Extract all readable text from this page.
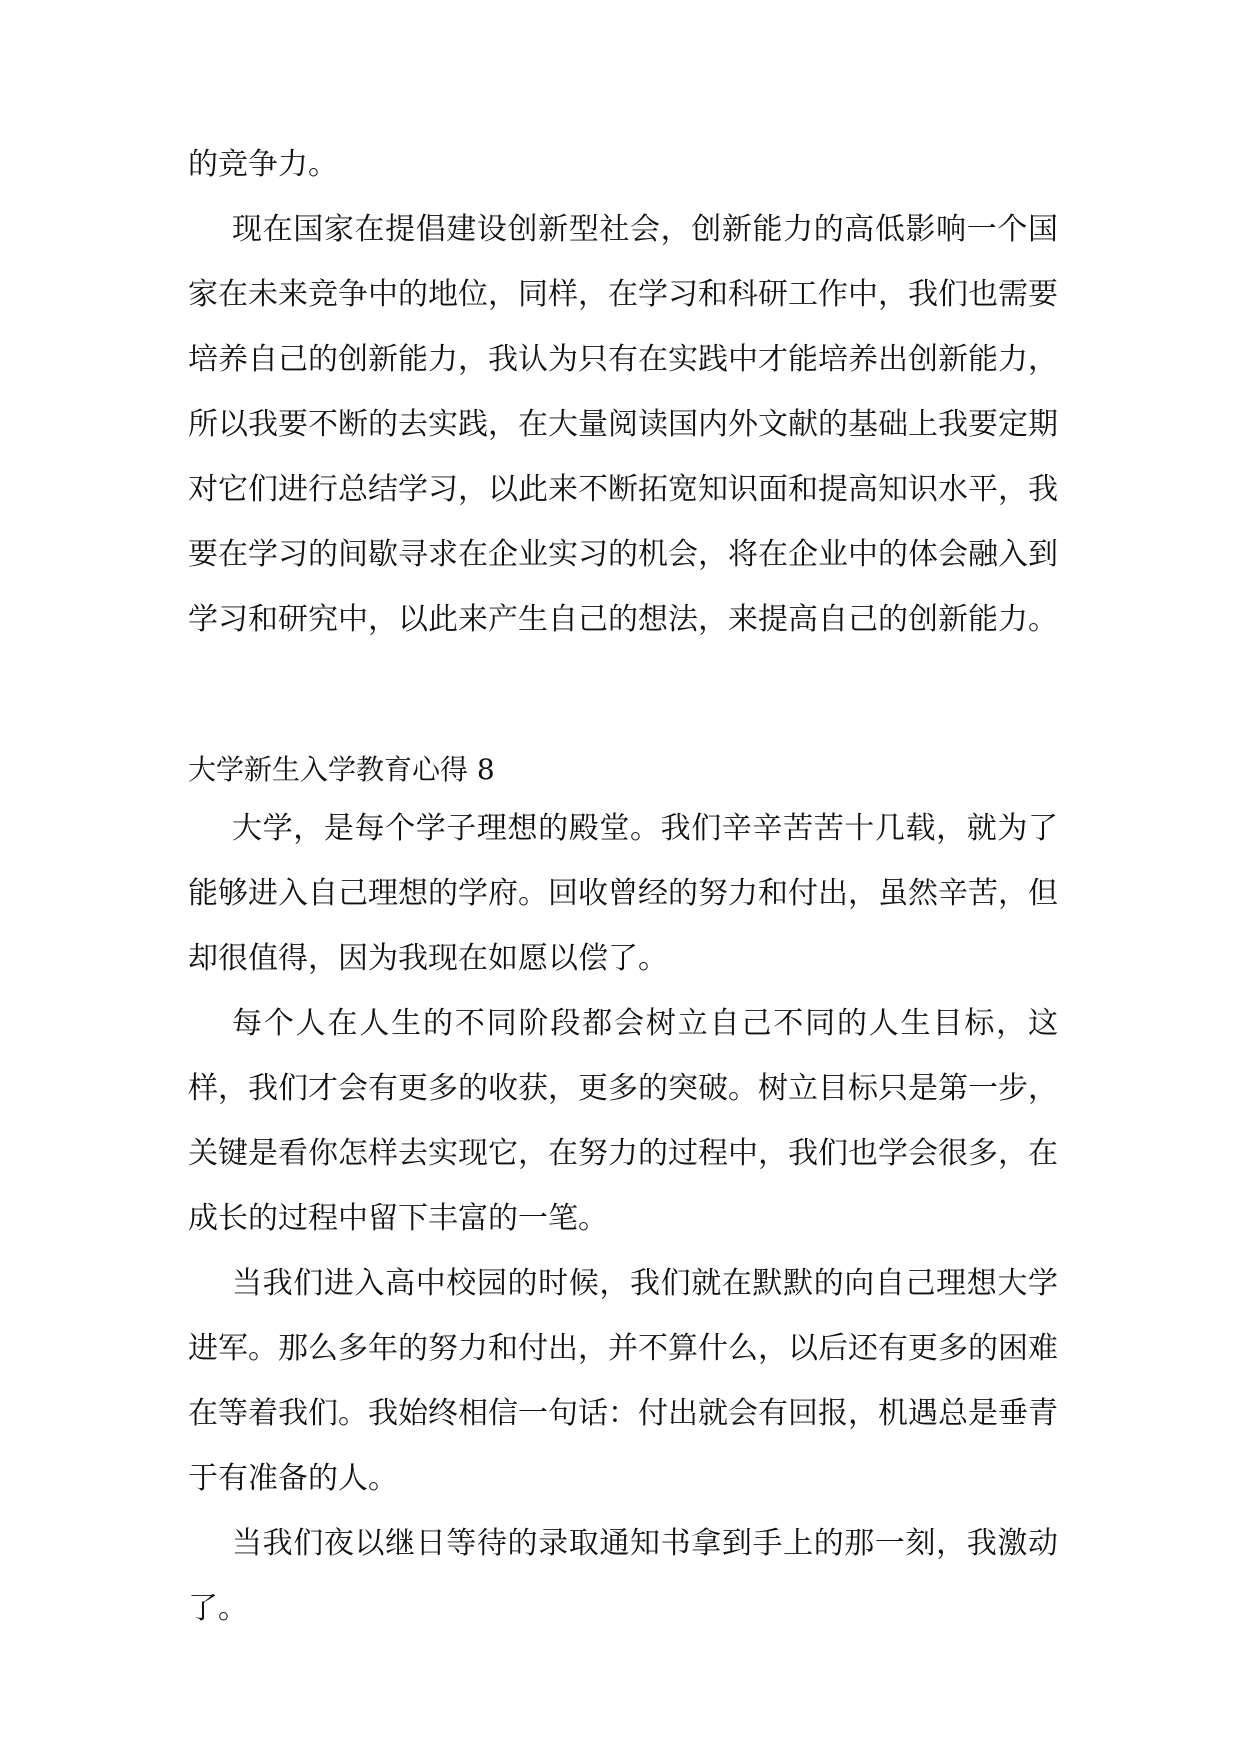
的竞争力。

现在国家在提倡建设创新型社会，创新能力的高低影响一个国家在未来竞争中的地位，同样，在学习和科研工作中，我们也需要培养自己的创新能力，我认为只有在实践中才能培养出创新能力，所以我要不断的去实践，在大量阅读国内外文献的基础上我要定期对它们进行总结学习，以此来不断拓宽知识面和提高知识水平，我要在学习的间歇寻求在企业实习的机会，将在企业中的体会融入到学习和研究中，以此来产生自己的想法，来提高自己的创新能力。

大学新生入学教育心得 8

大学，是每个学子理想的殿堂。我们辛辛苦苦十几载，就为了能够进入自己理想的学府。回收曾经的努力和付出，虽然辛苦，但却很值得，因为我现在如愿以偿了。

每个人在人生的不同阶段都会树立自己不同的人生目标，这样，我们才会有更多的收获，更多的突破。树立目标只是第一步，关键是看你怎样去实现它，在努力的过程中，我们也学会很多，在成长的过程中留下丰富的一笔。

当我们进入高中校园的时候，我们就在默默的向自己理想大学进军。那么多年的努力和付出，并不算什么，以后还有更多的困难在等着我们。我始终相信一句话：付出就会有回报，机遇总是垂青于有准备的人。

当我们夜以继日等待的录取通知书拿到手上的那一刻，我激动了。
